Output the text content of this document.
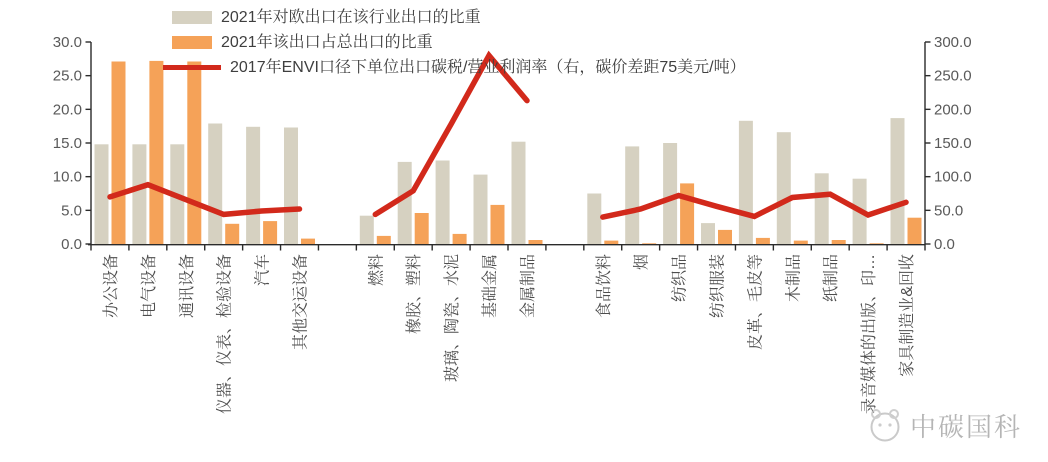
2021年对欧出口在该行业出口的比重
2021年该出口占总出口的比重
2017年ENVI口径下单位出口碳税/营业利润率（右，碳价差距75美元/吨）
0.0
5.0
10.0
15.0
20.0
25.0
30.0
0.0
50.0
100.0
150.0
200.0
250.0
300.0
办公设备 电气设备 通讯设备 仪器、仪表、检验设备 汽车 其他交运设备	燃料 橡胶、塑料 玻璃、陶瓷、水泥 基础金属 金属制品	食品饮料 烟 纺织品 纺织服装 皮革、毛皮等 木制品 纸制品 录音媒体的出版、印… 家具制造业&回收
中碳国科
